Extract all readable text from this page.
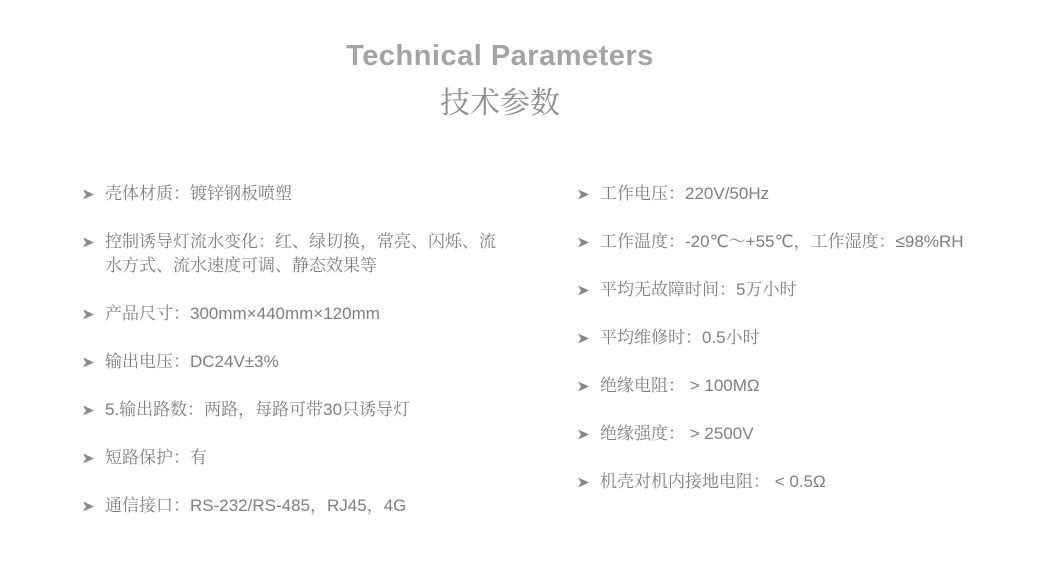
Technical Parameters
技术参数
壳体材质：镀锌钢板喷塑
控制诱导灯流水变化：红、绿切换，常亮、闪烁、流水方式、流水速度可调、静态效果等
产品尺寸：300mm×440mm×120mm
输出电压：DC24V±3%
5.输出路数：两路，每路可带30只诱导灯
短路保护：有
通信接口：RS-232/RS-485，RJ45，4G
工作电压：220V/50Hz
工作温度：-20℃～+55℃，工作湿度：≤98%RH
平均无故障时间：5万小时
平均维修时：0.5小时
绝缘电阻： > 100MΩ
绝缘强度： > 2500V
机壳对机内接地电阻： < 0.5Ω
